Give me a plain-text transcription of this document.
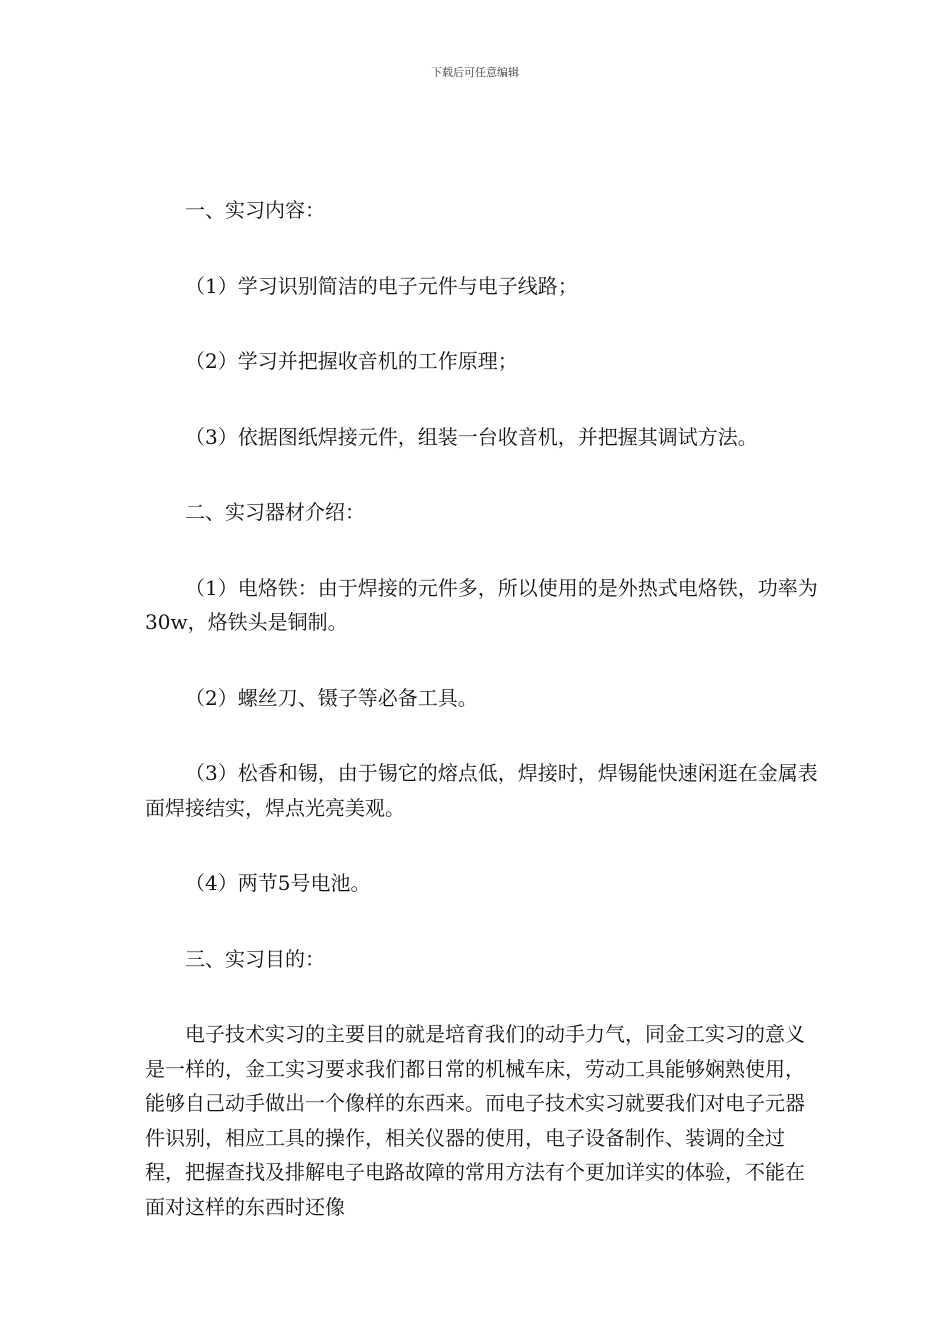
下载后可任意编辑

一、实习内容：

（1）学习识别简洁的电子元件与电子线路；

（2）学习并把握收音机的工作原理；

（3）依据图纸焊接元件，组装一台收音机，并把握其调试方法。

二、实习器材介绍：

（1）电烙铁：由于焊接的元件多，所以使用的是外热式电烙铁，功率为30w，烙铁头是铜制。

（2）螺丝刀、镊子等必备工具。

（3）松香和锡，由于锡它的熔点低，焊接时，焊锡能快速闲逛在金属表面焊接结实，焊点光亮美观。

（4）两节5号电池。

三、实习目的：

电子技术实习的主要目的就是培育我们的动手力气，同金工实习的意义是一样的，金工实习要求我们都日常的机械车床，劳动工具能够娴熟使用，能够自己动手做出一个像样的东西来。而电子技术实习就要我们对电子元器件识别，相应工具的操作，相关仪器的使用，电子设备制作、装调的全过程，把握查找及排解电子电路故障的常用方法有个更加详实的体验，不能在面对这样的东西时还像
